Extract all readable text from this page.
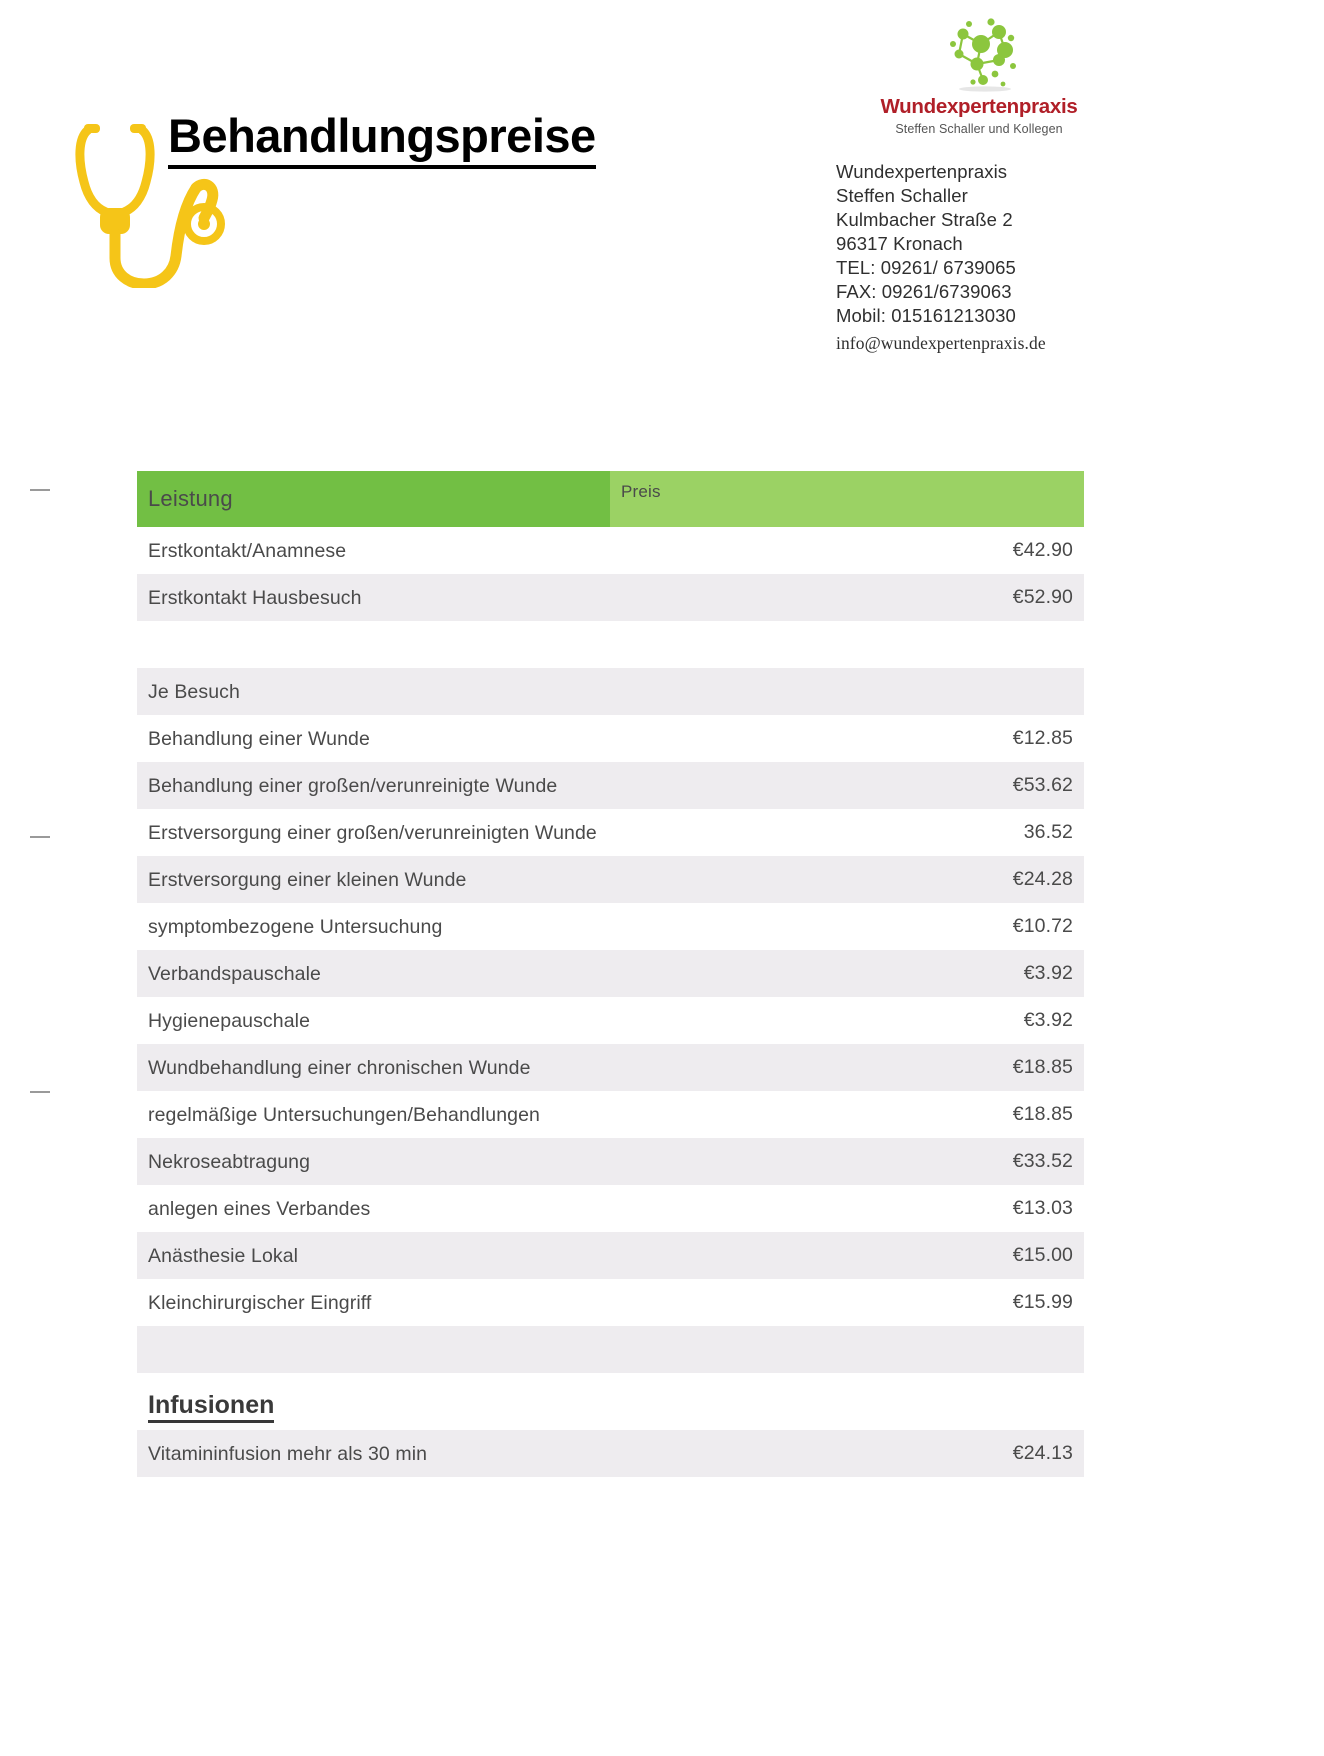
Behandlungspreise
Wundexpertenpraxis
Steffen Schaller und Kollegen
Wundexpertenpraxis
Steffen Schaller
Kulmbacher Straße 2
96317 Kronach
TEL: 09261/ 6739065
FAX: 09261/6739063
Mobil: 015161213030
info@wundexpertenpraxis.de
Leistung	Preis
Erstkontakt/Anamnese	€42.90
Erstkontakt Hausbesuch	€52.90
Je Besuch
Behandlung einer Wunde	€12.85
Behandlung einer großen/verunreinigte Wunde	€53.62
Erstversorgung einer großen/verunreinigten Wunde	36.52
Erstversorgung einer kleinen Wunde	€24.28
symptombezogene Untersuchung	€10.72
Verbandspauschale	€3.92
Hygienepauschale	€3.92
Wundbehandlung einer chronischen Wunde	€18.85
regelmäßige Untersuchungen/Behandlungen	€18.85
Nekroseabtragung	€33.52
anlegen eines Verbandes	€13.03
Anästhesie Lokal	€15.00
Kleinchirurgischer Eingriff	€15.99
Infusionen
Vitamininfusion mehr als 30 min	€24.13
